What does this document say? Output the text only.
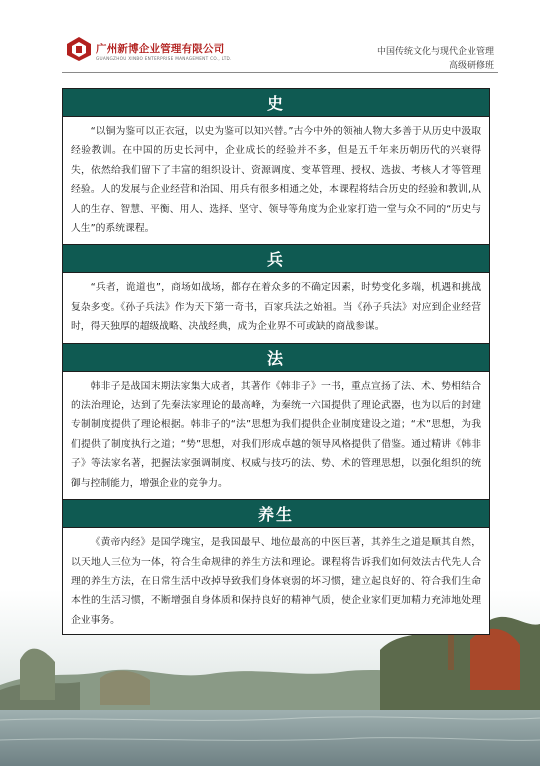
广州新博企业管理有限公司
GUANGZHOU XINBO ENTERPRISE MANAGEMENT CO., LTD.
中国传统文化与现代企业管理
高级研修班
史
“以铜为鉴可以正衣冠，以史为鉴可以知兴替。”古今中外的领袖人物大多善于从历史中汲取经验教训。在中国的历史长河中，企业成长的经验并不多，但是五千年来历朝历代的兴衰得失，依然给我们留下了丰富的组织设计、资源调度、变革管理、授权、选拔、考核人才等管理经验。人的发展与企业经营和治国、用兵有很多相通之处，本课程将结合历史的经验和教训,从人的生存、智慧、平衡、用人、选择、坚守、领导等角度为企业家打造一堂与众不同的“历史与人生”的系统课程。
兵
“兵者，诡道也”，商场如战场，都存在着众多的不确定因素，时势变化多端，机遇和挑战复杂多变。《孙子兵法》作为天下第一奇书，百家兵法之始祖。当《孙子兵法》对应到企业经营时，得天独厚的超级战略、决战经典，成为企业界不可或缺的商战参谋。
法
韩非子是战国末期法家集大成者，其著作《韩非子》一书，重点宣扬了法、术、势相结合的法治理论，达到了先秦法家理论的最高峰，为秦统一六国提供了理论武器，也为以后的封建专制制度提供了理论根据。韩非子的“法”思想为我们提供企业制度建设之道；“术”思想，为我们提供了制度执行之道；“势”思想，对我们形成卓越的领导风格提供了借鉴。通过精讲《韩非子》等法家名著，把握法家强调制度、权威与技巧的法、势、术的管理思想，以强化组织的统御与控制能力，增强企业的竞争力。
养生
《黄帝内经》是国学瑰宝，是我国最早、地位最高的中医巨著，其养生之道是顺其自然，以天地人三位为一体，符合生命规律的养生方法和理论。课程将告诉我们如何效法古代先人合理的养生方法，在日常生活中改掉导致我们身体衰弱的坏习惯，建立起良好的、符合我们生命本性的生活习惯，不断增强自身体质和保持良好的精神气质，使企业家们更加精力充沛地处理企业事务。
